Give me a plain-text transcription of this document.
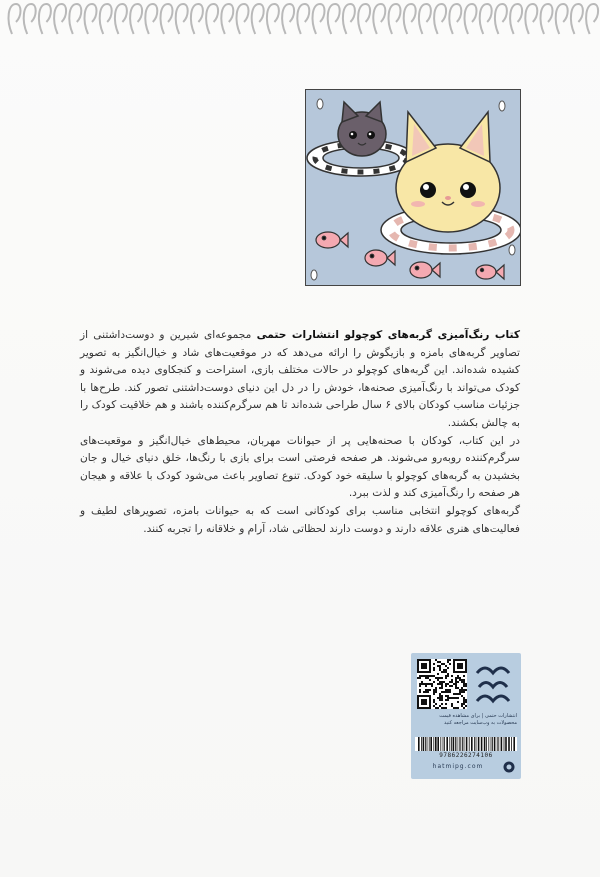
کتاب رنگ‌آمیزی گربه‌های کوچولو انتشارات حتمی مجموعه‌ای شیرین و دوست‌داشتنی از تصاویر گربه‌های بامزه و بازیگوش را ارائه می‌دهد که در موقعیت‌های شاد و خیال‌انگیز به تصویر کشیده شده‌اند. این گربه‌های کوچولو در حالات مختلف بازی، استراحت و کنجکاوی دیده می‌شوند و کودک می‌تواند با رنگ‌آمیزی صحنه‌ها، خودش را در دل این دنیای دوست‌داشتنی تصور کند. طرح‌ها با جزئیات مناسب کودکان بالای ۶ سال طراحی شده‌اند تا هم سرگرم‌کننده باشند و هم خلاقیت کودک را به چالش بکشند.

در این کتاب، کودکان با صحنه‌هایی پر از حیوانات مهربان، محیط‌های خیال‌انگیز و موقعیت‌های سرگرم‌کننده روبه‌رو می‌شوند. هر صفحه فرصتی است برای بازی با رنگ‌ها، خلق دنیای خیال و جان بخشیدن به گربه‌های کوچولو با سلیقه خود کودک. تنوع تصاویر باعث می‌شود کودک با علاقه و هیجان هر صفحه را رنگ‌آمیزی کند و لذت ببرد.

گربه‌های کوچولو انتخابی مناسب برای کودکانی است که به حیوانات بامزه، تصویرهای لطیف و فعالیت‌های هنری علاقه دارند و دوست دارند لحظاتی شاد، آرام و خلاقانه را تجربه کنند.

انتشارات حتمی | برای مشاهده قیمت
محصولات به وب‌سایت مراجعه کنید
9786226274106
hatmipg.com
